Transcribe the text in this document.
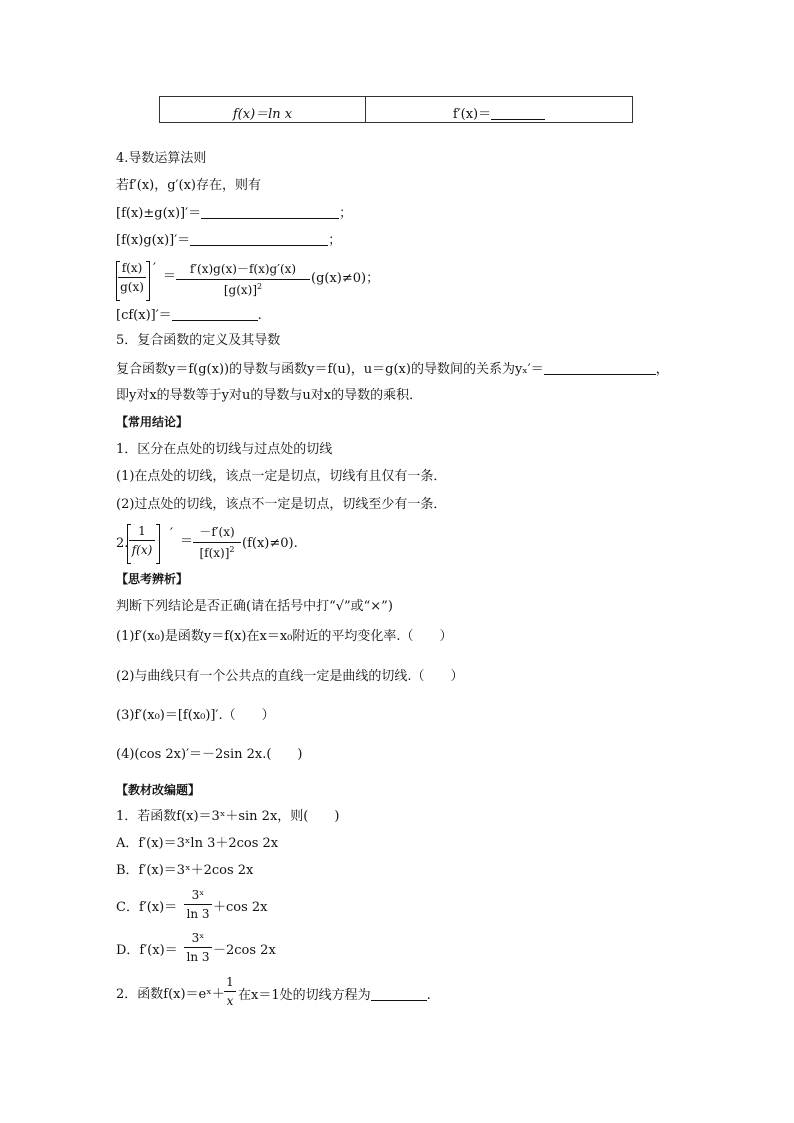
f(x)＝ln x	f′(x)＝
4.导数运算法则
若f′(x)，g′(x)存在，则有
[f(x)±g(x)]′＝	；
[f(x)g(x)]′＝	；
f(x)
g(x)
′
＝	f′(x)g(x)－f(x)g′(x)
$[g(x)]^2$
(g(x)≠0)；
[cf(x)]′＝	.
5．复合函数的定义及其导数
复合函数y＝f(g(x))的导数与函数y＝f(u)，u＝g(x)的导数间的关系为yₓ′＝	，
即y对x的导数等于y对u的导数与u对x的导数的乘积．
【常用结论】
1．区分在点处的切线与过点处的切线
(1)在点处的切线，该点一定是切点，切线有且仅有一条．
(2)过点处的切线，该点不一定是切点，切线至少有一条．
2.
1
f(x)
′
＝
－f′(x)
$[f(x)]^2$ (f(x)≠0).
【思考辨析】
判断下列结论是否正确(请在括号中打“√”或“×”)
(1)f′(x₀)是函数y＝f(x)在x＝x₀附近的平均变化率.（　　）
(2)与曲线只有一个公共点的直线一定是曲线的切线.（　　）
(3)f′(x₀)＝[f(x₀)]′.（　　）
(4)(cos 2x)′＝－2sin 2x.(　　)
【教材改编题】
1．若函数f(x)＝3ˣ＋sin 2x，则(　　)
A．f′(x)＝3ˣln 3＋2cos 2x
B．f′(x)＝3ˣ＋2cos 2x
C．f′(x)＝
3ˣ
ln 3 ＋cos 2x
D．f′(x)＝
3ˣ
ln 3 －2cos 2x
2．函数f(x)＝eˣ＋
1
x 在x＝1处的切线方程为	.
